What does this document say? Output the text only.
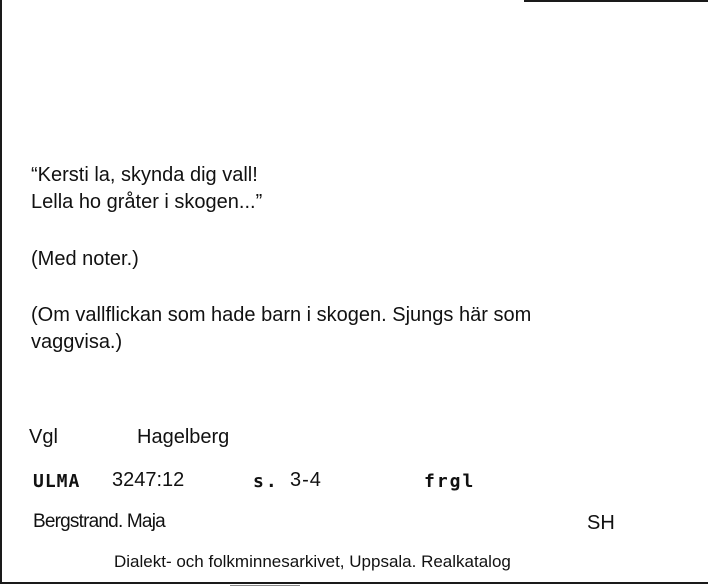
“Kersti la, skynda dig vall!

Lella ho gråter i skogen...”

(Med noter.)

(Om vallflickan som hade barn i skogen. Sjungs här som

vaggvisa.)

Vgl	Hagelberg
ULMA 3247:12	s. 3-4	frgl
Bergstrand. Maja	SH
Dialekt- och folkminnesarkivet, Uppsala. Realkatalog
